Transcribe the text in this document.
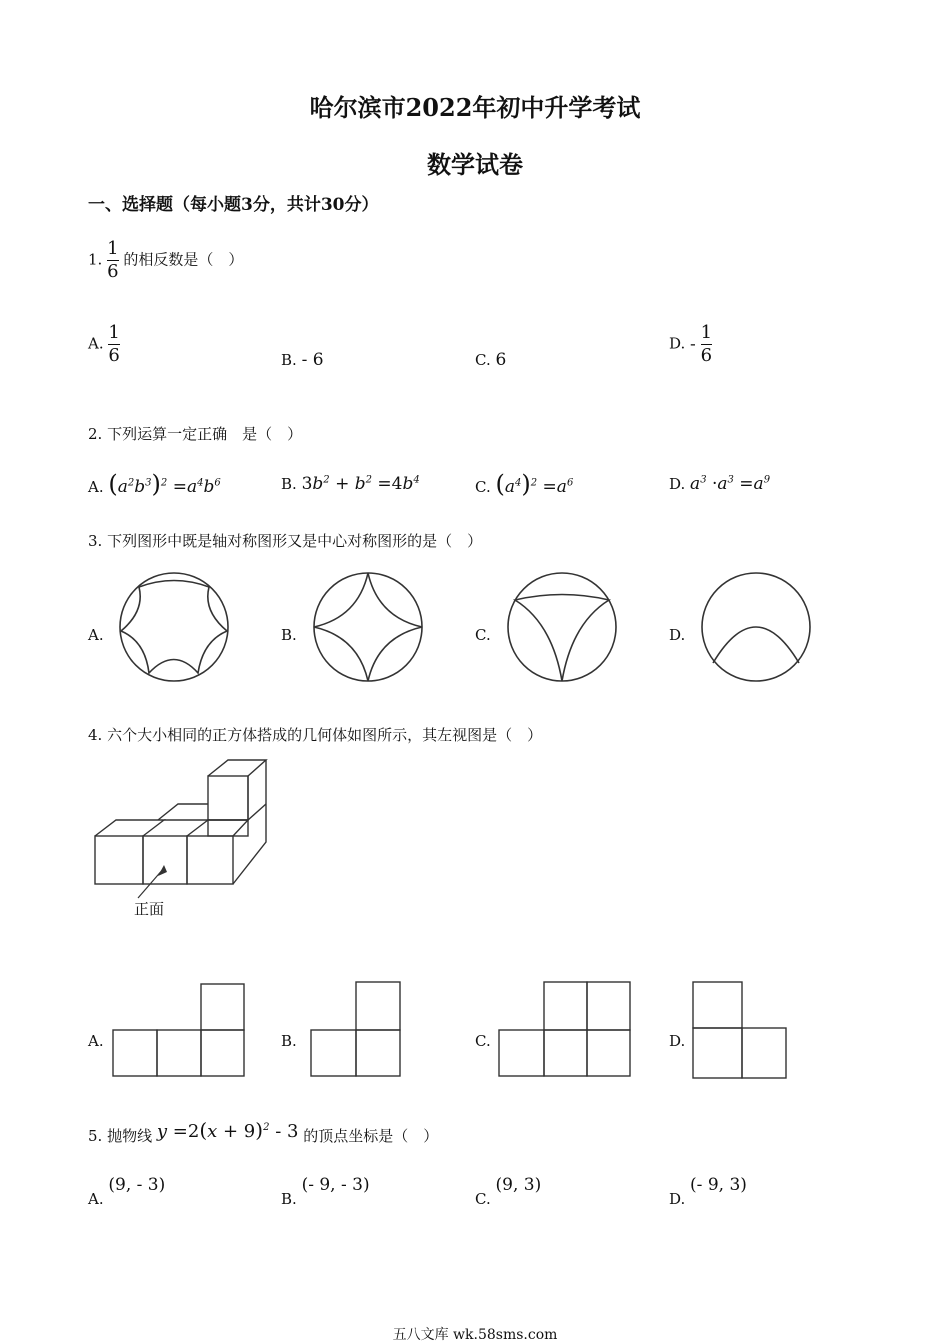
哈尔滨市2022年初中升学考试
数学试卷
一、选择题（每小题3分，共计30分）
1. $\frac{1}{6}$ 的相反数是（　）
A. $\frac{1}{6}$	B. - 6	C. 6
D. - $\frac{1}{6}$
2. 下列运算一定正确　是（　）
A. $(a^2b^3)^2 =a^4b^6$	B. $3b^2 + b^2 =4b^4$	C. $(a^4)^2 =a^6$	D. $a^3 \cdot a^3 =a^9$
3. 下列图形中既是轴对称图形又是中心对称图形的是（　）
A.	B.	C.	D.
4. 六个大小相同的正方体搭成的几何体如图所示，其左视图是（　）
正面
A.	B.	C.	D.
5. 抛物线 $y =2(x + 9)^2 - 3$ 的顶点坐标是（　）
A. (9, - 3)
B. (- 9, - 3)
C. (9, 3)
D. (- 9, 3)
五八文库 wk.58sms.com
